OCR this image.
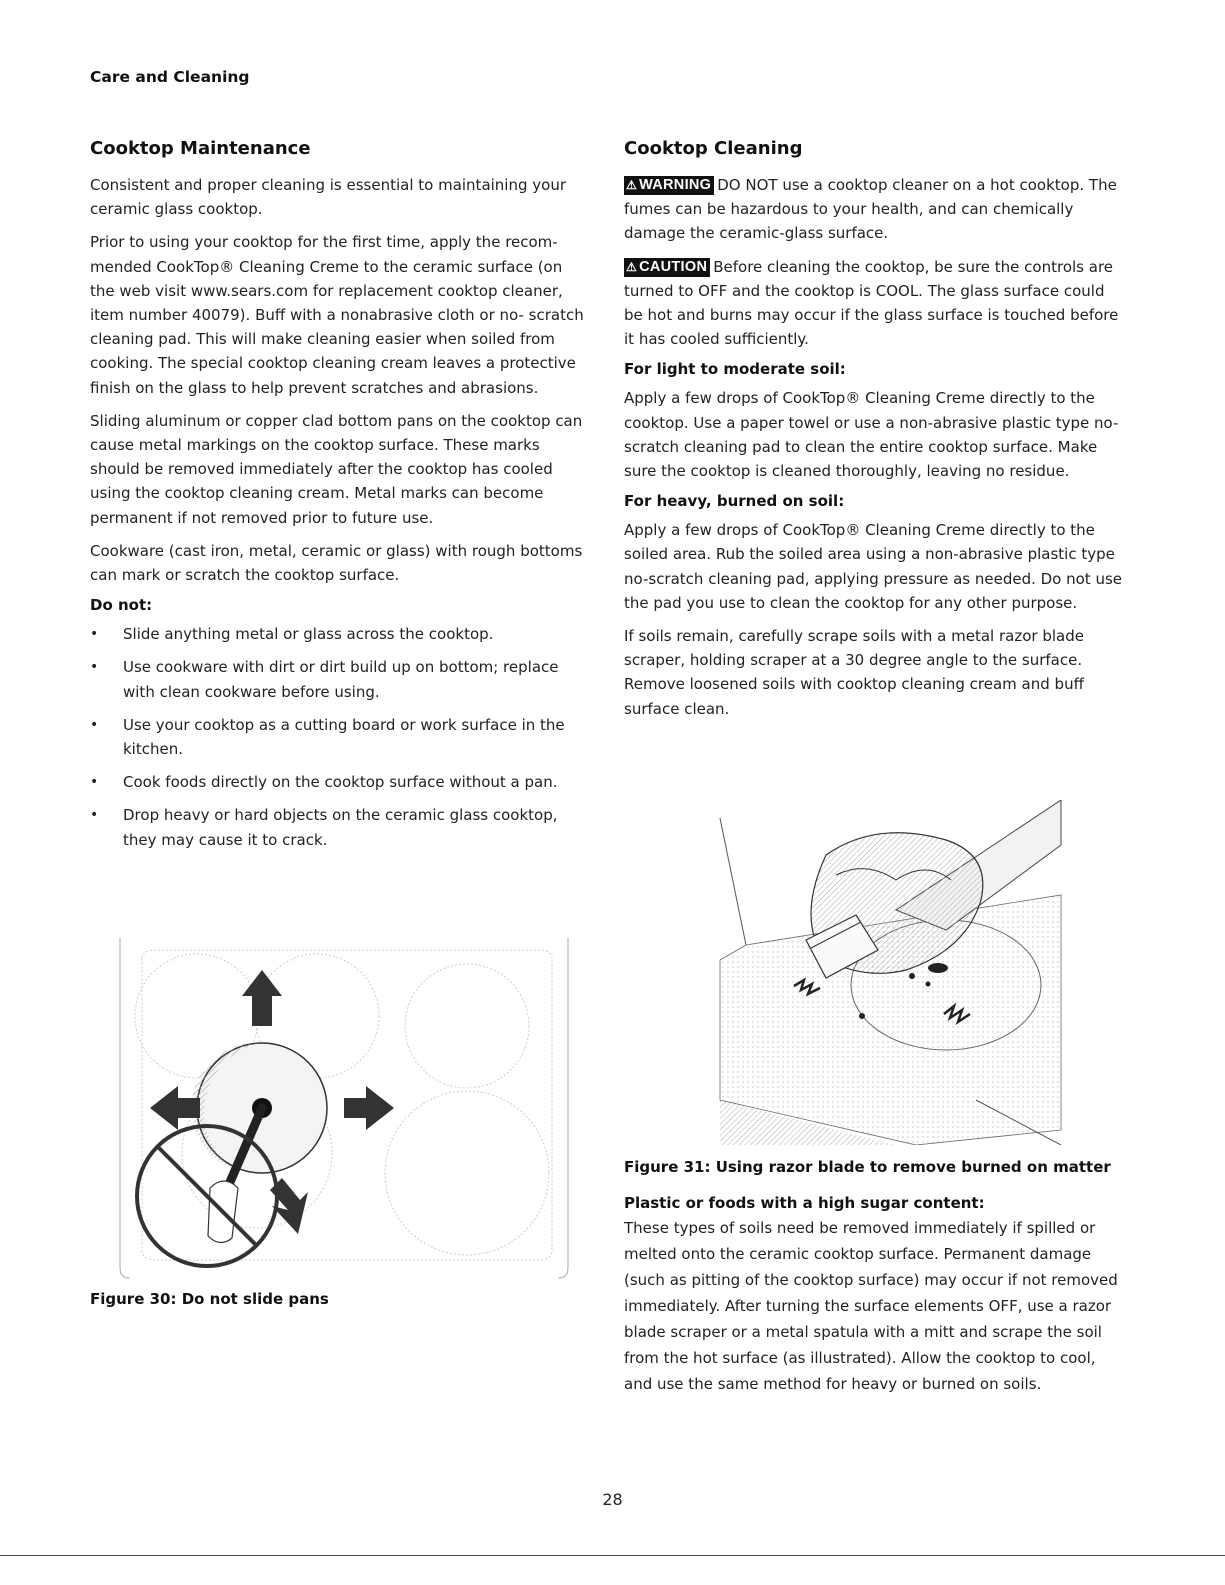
Care and Cleaning
Cooktop Maintenance

Consistent and proper cleaning is essential to maintaining your ceramic glass cooktop.

Prior to using your cooktop for the first time, apply the recom- mended CookTop® Cleaning Creme to the ceramic surface (on the web visit www.sears.com for replacement cooktop cleaner, item number 40079). Buff with a nonabrasive cloth or no- scratch cleaning pad. This will make cleaning easier when soiled from cooking. The special cooktop cleaning cream leaves a protective finish on the glass to help prevent scratches and abrasions.

Sliding aluminum or copper clad bottom pans on the cooktop can cause metal markings on the cooktop surface. These marks should be removed immediately after the cooktop has cooled using the cooktop cleaning cream. Metal marks can become permanent if not removed prior to future use.

Cookware (cast iron, metal, ceramic or glass) with rough bottoms can mark or scratch the cooktop surface.

Do not:
• Slide anything metal or glass across the cooktop.
• Use cookware with dirt or dirt build up on bottom; replace with clean cookware before using.
• Use your cooktop as a cutting board or work surface in the kitchen.
• Cook foods directly on the cooktop surface without a pan.
• Drop heavy or hard objects on the ceramic glass cooktop, they may cause it to crack.
Figure 30: Do not slide pans
Cooktop Cleaning

⚠ WARNING DO NOT use a cooktop cleaner on a hot cooktop. The fumes can be hazardous to your health, and can chemically damage the ceramic-glass surface.

⚠ CAUTION Before cleaning the cooktop, be sure the controls are turned to OFF and the cooktop is COOL. The glass surface could be hot and burns may occur if the glass surface is touched before it has cooled sufficiently.

For light to moderate soil:

Apply a few drops of CookTop® Cleaning Creme directly to the cooktop. Use a paper towel or use a non-abrasive plastic type no-scratch cleaning pad to clean the entire cooktop surface. Make sure the cooktop is cleaned thoroughly, leaving no residue.

For heavy, burned on soil:

Apply a few drops of CookTop® Cleaning Creme directly to the soiled area. Rub the soiled area using a non-abrasive plastic type no-scratch cleaning pad, applying pressure as needed. Do not use the pad you use to clean the cooktop for any other purpose.

If soils remain, carefully scrape soils with a metal razor blade scraper, holding scraper at a 30 degree angle to the surface. Remove loosened soils with cooktop cleaning cream and buff surface clean.

Figure 31: Using razor blade to remove burned on matter
Plastic or foods with a high sugar content:

These types of soils need be removed immediately if spilled or melted onto the ceramic cooktop surface. Permanent damage (such as pitting of the cooktop surface) may occur if not removed immediately. After turning the surface elements OFF, use a razor blade scraper or a metal spatula with a mitt and scrape the soil from the hot surface (as illustrated). Allow the cooktop to cool, and use the same method for heavy or burned on soils.

28
